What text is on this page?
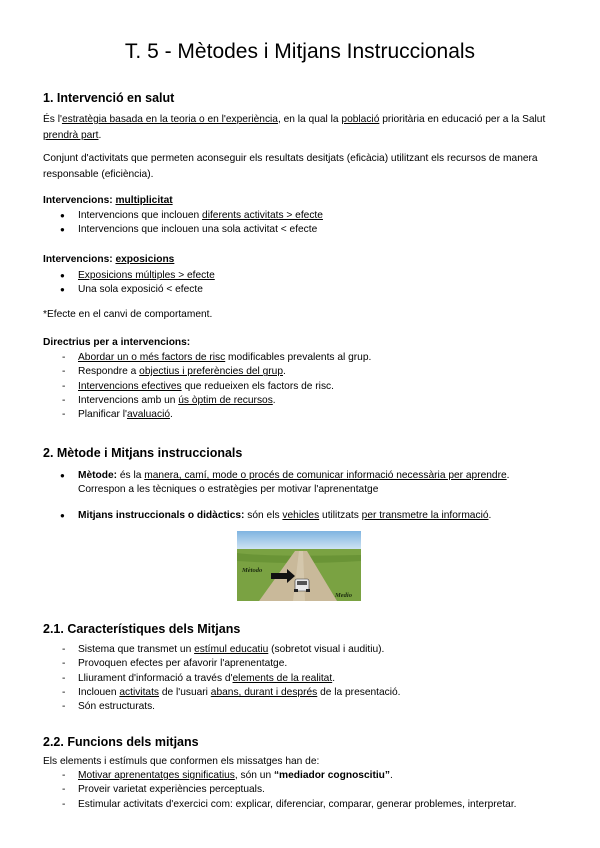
T. 5 - Mètodes i Mitjans Instruccionals
1. Intervenció en salut
És l'estratègia basada en la teoria o en l'experiència, en la qual la població prioritària en educació per a la Salut prendrà part.
Conjunt d'activitats que permeten aconseguir els resultats desitjats (eficàcia) utilitzant els recursos de manera responsable (eficiència).
Intervencions: multiplicitat
● Intervencions que inclouen diferents activitats > efecte
● Intervencions que inclouen una sola activitat < efecte
Intervencions: exposicions
● Exposicions múltiples > efecte
● Una sola exposició < efecte
*Efecte en el canvi de comportament.
Directrius per a intervencions:
- Abordar un o més factors de risc modificables prevalents al grup.
- Respondre a objectius i preferències del grup.
- Intervencions efectives que redueixen els factors de risc.
- Intervencions amb un ús òptim de recursos.
- Planificar l'avaluació.
2. Mètode i Mitjans instruccionals
● Mètode: és la manera, camí, mode o procés de comunicar informació necessària per aprendre. Correspon a les tècniques o estratègies per motivar l'aprenentatge
● Mitjans instruccionals o didàctics: són els vehicles utilitzats per transmetre la informació.
Mètodo
Medio
2.1. Característiques dels Mitjans
- Sistema que transmet un estímul educatiu (sobretot visual i auditiu).
- Provoquen efectes per afavorir l'aprenentatge.
- Lliurament d'informació a través d'elements de la realitat.
- Inclouen activitats de l'usuari abans, durant i després de la presentació.
- Són estructurats.
2.2. Funcions dels mitjans
Els elements i estímuls que conformen els missatges han de:
- Motivar aprenentatges significatius, són un “mediador cognoscitiu”.
- Proveir varietat experiències perceptuals.
- Estimular activitats d'exercici com: explicar, diferenciar, comparar, generar problemes, interpretar.
